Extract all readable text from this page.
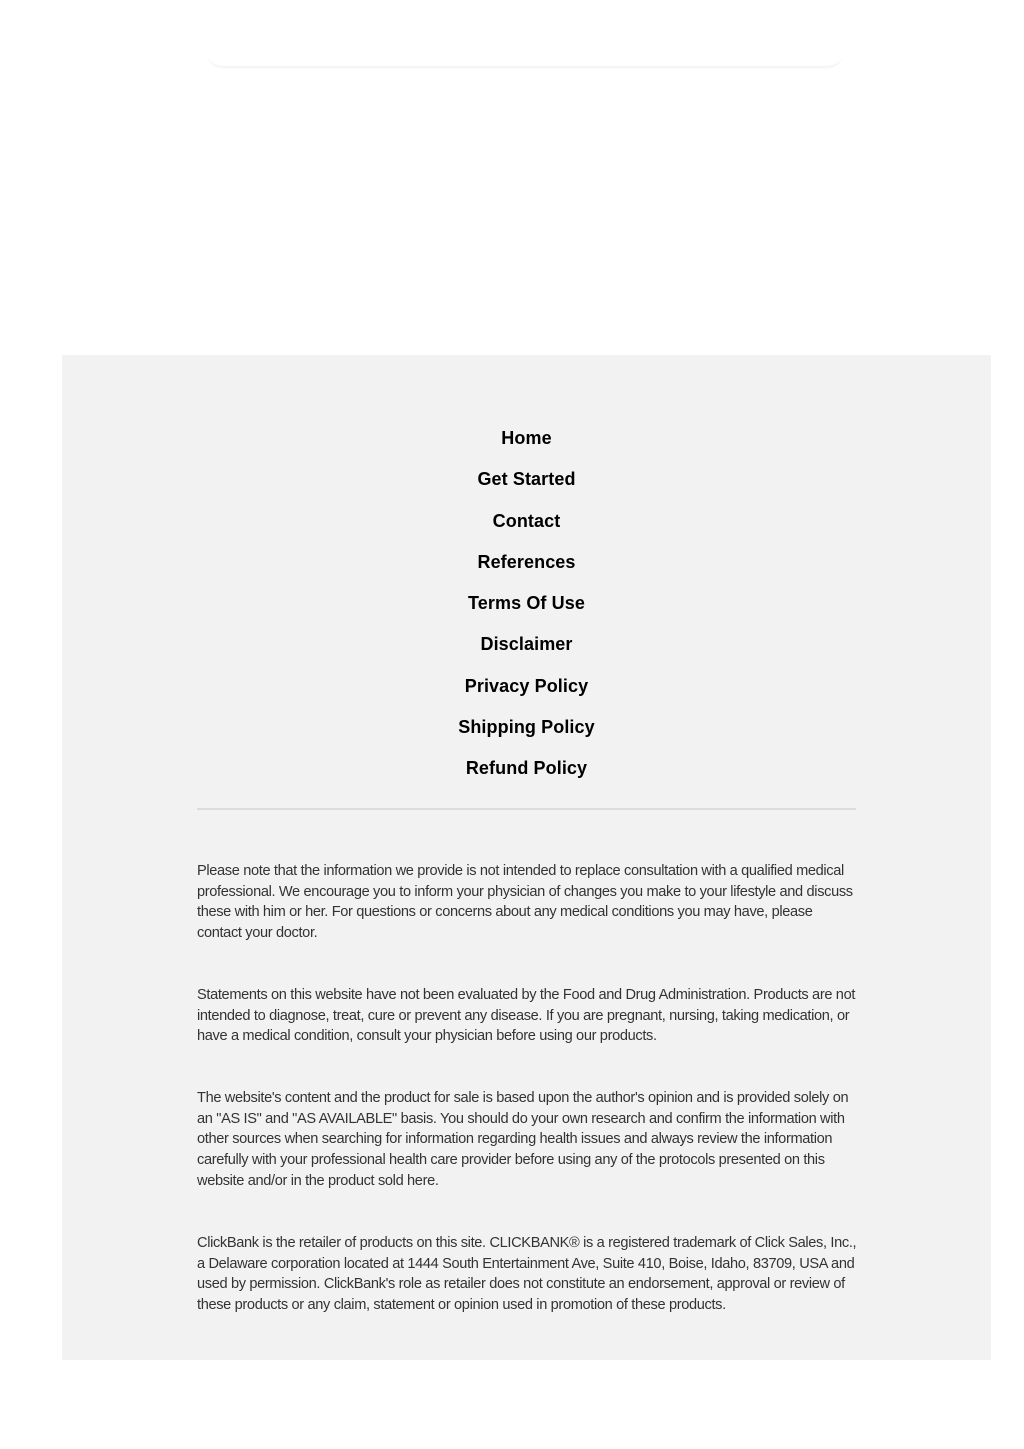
Home
Get Started
Contact
References
Terms Of Use
Disclaimer
Privacy Policy
Shipping Policy
Refund Policy

Please note that the information we provide is not intended to replace consultation with a qualified medical professional. We encourage you to inform your physician of changes you make to your lifestyle and discuss these with him or her. For questions or concerns about any medical conditions you may have, please contact your doctor.

Statements on this website have not been evaluated by the Food and Drug Administration. Products are not intended to diagnose, treat, cure or prevent any disease. If you are pregnant, nursing, taking medication, or have a medical condition, consult your physician before using our products.

The website's content and the product for sale is based upon the author's opinion and is provided solely on an "AS IS" and "AS AVAILABLE" basis. You should do your own research and confirm the information with other sources when searching for information regarding health issues and always review the information carefully with your professional health care provider before using any of the protocols presented on this website and/or in the product sold here.

ClickBank is the retailer of products on this site. CLICKBANK® is a registered trademark of Click Sales, Inc., a Delaware corporation located at 1444 South Entertainment Ave, Suite 410, Boise, Idaho, 83709, USA and used by permission. ClickBank's role as retailer does not constitute an endorsement, approval or review of these products or any claim, statement or opinion used in promotion of these products.
